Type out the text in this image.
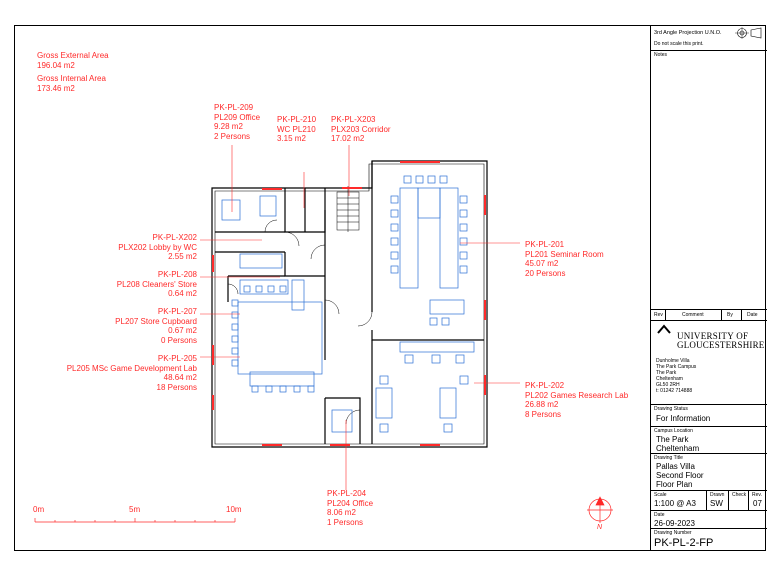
Gross External Area
196.04 m2
Gross Internal Area
173.46 m2
PK-PL-209
PL209 Office
9.28 m2
2 Persons
PK-PL-210
WC PL210
3.15 m2
PK-PL-X203
PLX203 Corridor
17.02 m2
PK-PL-X202
PLX202 Lobby by WC
2.55 m2
PK-PL-208
PL208 Cleaners' Store
0.64 m2
PK-PL-207
PL207 Store Cupboard
0.67 m2
0 Persons
PK-PL-205
PL205 MSc Game Development Lab
48.64 m2
18 Persons
PK-PL-201
PL201 Seminar Room
45.07 m2
20 Persons
PK-PL-202
PL202 Games Research Lab
26.88 m2
8 Persons
PK-PL-204
PL204 Office
8.06 m2
1 Persons
0m	5m	10m
N
3rd Angle Projection U.N.O.
Do not scale this print.
Notes
Rev	Comment	By	Date
UNIVERSITY OF
GLOUCESTERSHIRE
Dunholme Villa
The Park Campus
The Park
Cheltenham
GL50 2RH
t: 01242 714888
Drawing Status
For Information
Campus Location
The Park
Cheltenham
Drawing Title
Pallas Villa
Second Floor
Floor Plan
Scale
1:100 @ A3
Drawn
SW
Check Rev.
07
Date
26-09-2023
Drawing Number
PK-PL-2-FP
